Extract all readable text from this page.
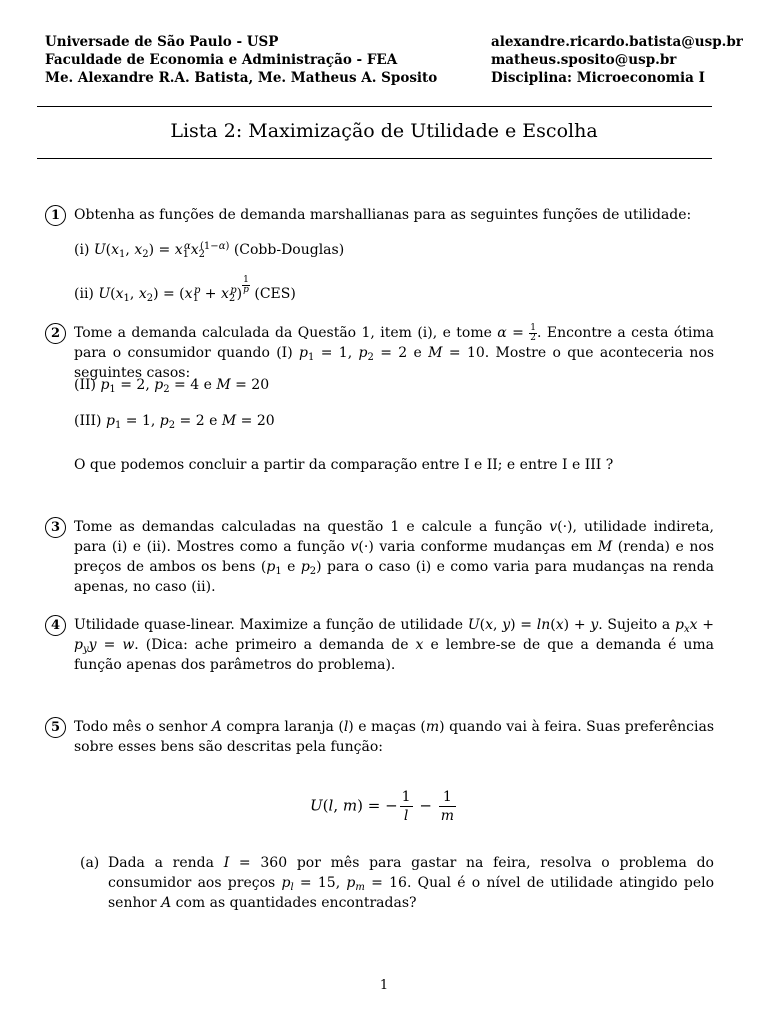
Universade de São Paulo - USP
Faculdade de Economia e Administração - FEA
Me. Alexandre R.A. Batista, Me. Matheus A. Sposito
alexandre.ricardo.batista@usp.br
matheus.sposito@usp.br
Disciplina: Microeconomia I
Lista 2: Maximização de Utilidade e Escolha
1 Obtenha as funções de demanda marshallianas para as seguintes funções de utilidade:
(i) $U(x_1$, $x_2) = x_1^\alpha x_2^{(1-\alpha)}$ (Cobb-Douglas)
(ii) $U(x_1$, $x_2) = (x_1^p + x_2^p) \frac{1}{p} (CES)$
2 Tome a demanda calculada da Questão 1, item (i), e tome $\alpha = \frac{1}{2}$ . Encontre a cesta ótima para o consumidor quando (I) $p_1 = 1$, $p_2 = 2$ e M = 10. Mostre o que aconteceria nos seguintes casos:
(II) $p_1 = 2$, $p_2 = 4$ e M = 20
(III) $p_1 = 1$, $p_2 = 2$ e M = 20
O que podemos concluir a partir da comparação entre I e II; e entre I e III ?
3 Tome as demandas calculadas na questão 1 e calcule a função v(·), utilidade indireta, para (i) e (ii). Mostres como a função v(·) varia conforme mudanças em M (renda) e nos preços de ambos os bens ($p_1$ e $p_2$) para o caso (i) e como varia para mudanças na renda apenas, no caso (ii).
4 Utilidade quase-linear. Maximize a função de utilidade U(x, y) = ln(x) + y. Sujeito a $p_xx + p_yy = w$. (Dica: ache primeiro a demanda de x e lembre-se de que a demanda é uma função apenas dos parâmetros do problema).
5 Todo mês o senhor A compra laranja (l) e maças (m) quando vai à feira. Suas preferências sobre esses bens são descritas pela função:
U(l, m) = − $\frac{1}{l} - \frac{1}{m}$
(a) Dada a renda I = 360 por mês para gastar na feira, resolva o problema do consumidor aos preços $p_l = 15$, $p_m = 16$. Qual é o nível de utilidade atingido pelo senhor A com as quantidades encontradas?
1
